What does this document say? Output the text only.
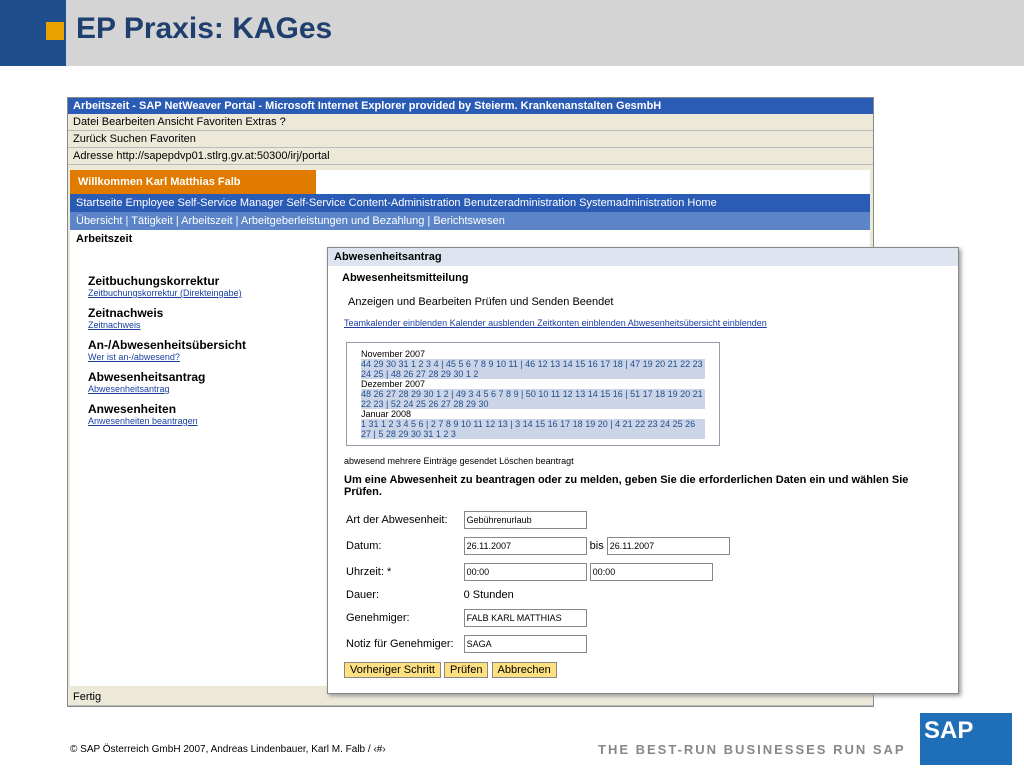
EP Praxis: KAGes
Arbeitszeit - SAP NetWeaver Portal - Microsoft Internet Explorer provided by Steierm. Krankenanstalten GesmbH
Datei Bearbeiten Ansicht Favoriten Extras ?
Zurück Suchen Favoriten
Adresse http://sapepdvp01.stlrg.gv.at:50300/irj/portal
Willkommen Karl Matthias Falb
Startseite Employee Self-Service Manager Self-Service Content-Administration Benutzeradministration Systemadministration Home
Übersicht | Tätigkeit | Arbeitszeit | Arbeitgeberleistungen und Bezahlung | Berichtswesen
Arbeitszeit
Zeitbuchungskorrektur
Zeitbuchungskorrektur (Direkteingabe)
Zeitnachweis
Zeitnachweis
An-/Abwesenheitsübersicht
Wer ist an-/abwesend?
Abwesenheitsantrag
Abwesenheitsantrag
Anwesenheiten
Anwesenheiten beantragen
Fertig
Abwesenheitsantrag
Abwesenheitsmitteilung
Anzeigen und Bearbeiten Prüfen und Senden Beendet
Teamkalender einblenden Kalender ausblenden Zeitkonten einblenden Abwesenheitsübersicht einblenden
November 2007
44 29 30 31 1 2 3 4 | 45 5 6 7 8 9 10 11 | 46 12 13 14 15 16 17 18 | 47 19 20 21 22 23 24 25 | 48 26 27 28 29 30 1 2

Dezember 2007
48 26 27 28 29 30 1 2 | 49 3 4 5 6 7 8 9 | 50 10 11 12 13 14 15 16 | 51 17 18 19 20 21 22 23 | 52 24 25 26 27 28 29 30

Januar 2008
1 31 1 2 3 4 5 6 | 2 7 8 9 10 11 12 13 | 3 14 15 16 17 18 19 20 | 4 21 22 23 24 25 26 27 | 5 28 29 30 31 1 2 3
abwesend mehrere Einträge gesendet Löschen beantragt
Um eine Abwesenheit zu beantragen oder zu melden, geben Sie die erforderlichen Daten ein und wählen Sie Prüfen.
Art der Abwesenheit:	Gebührenurlaub
Datum:	26.11.2007bis 26.11.2007
Uhrzeit: *	00:00 00:00
Dauer:	0 Stunden
Genehmiger:	FALB KARL MATTHIAS
Notiz für Genehmiger:	SAGA
Vorheriger Schritt Prüfen Abbrechen
© SAP Österreich GmbH 2007, Andreas Lindenbauer, Karl M. Falb / ‹#›	THE BEST-RUN BUSINESSES RUN SAP
SAP
